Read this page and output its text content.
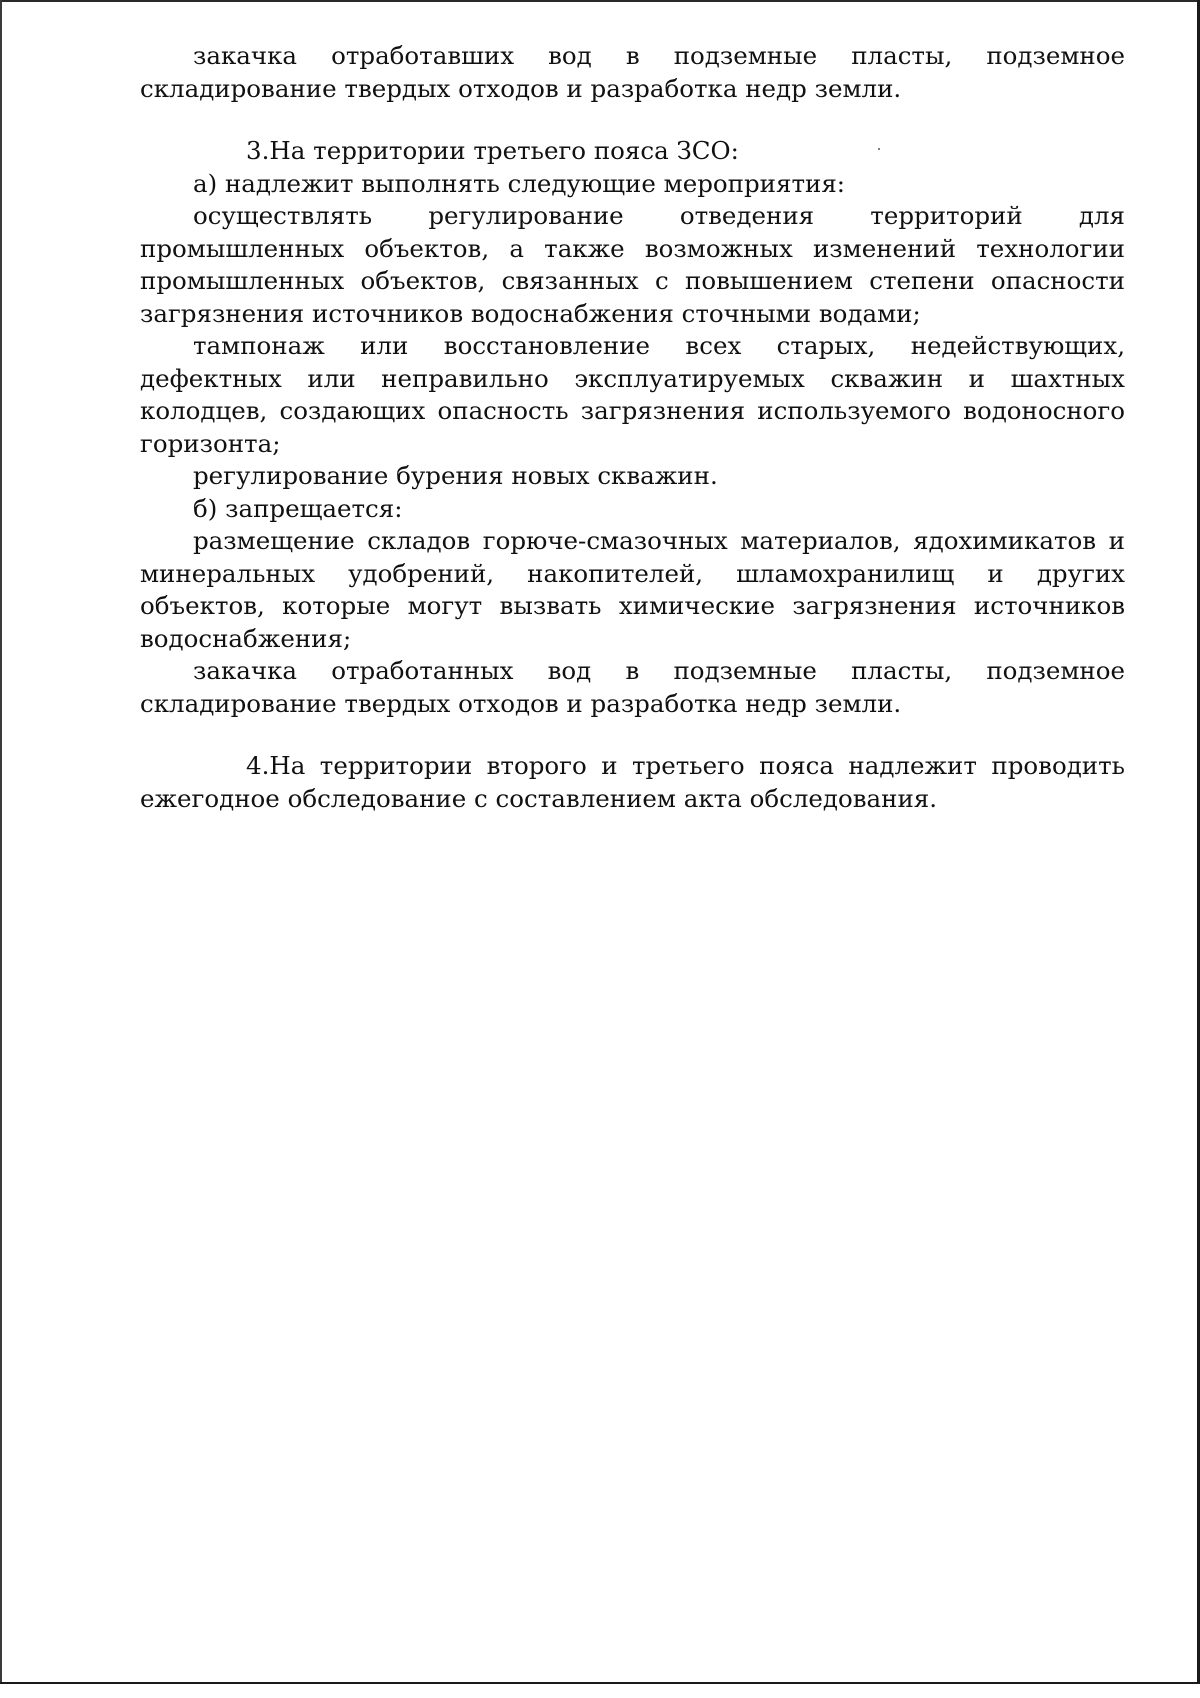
закачка отработавших вод в подземные пласты, подземное складирование твердых отходов и разработка недр земли.

3.На территории третьего пояса ЗСО:

а) надлежит выполнять следующие мероприятия:

осуществлять регулирование отведения территорий для промышленных объектов, а также возможных изменений технологии промышленных объектов, связанных с повышением степени опасности загрязнения источников водоснабжения сточными водами;

тампонаж или восстановление всех старых, недействующих, дефектных или неправильно эксплуатируемых скважин и шахтных колодцев, создающих опасность загрязнения используемого водоносного горизонта;

регулирование бурения новых скважин.

б) запрещается:

размещение складов горюче-смазочных материалов, ядохимикатов и минеральных удобрений, накопителей, шламохранилищ и других объектов, которые могут вызвать химические загрязнения источников водоснабжения;

закачка отработанных вод в подземные пласты, подземное складирование твердых отходов и разработка недр земли.

4.На территории второго и третьего пояса надлежит проводить ежегодное обследование с составлением акта обследования.
